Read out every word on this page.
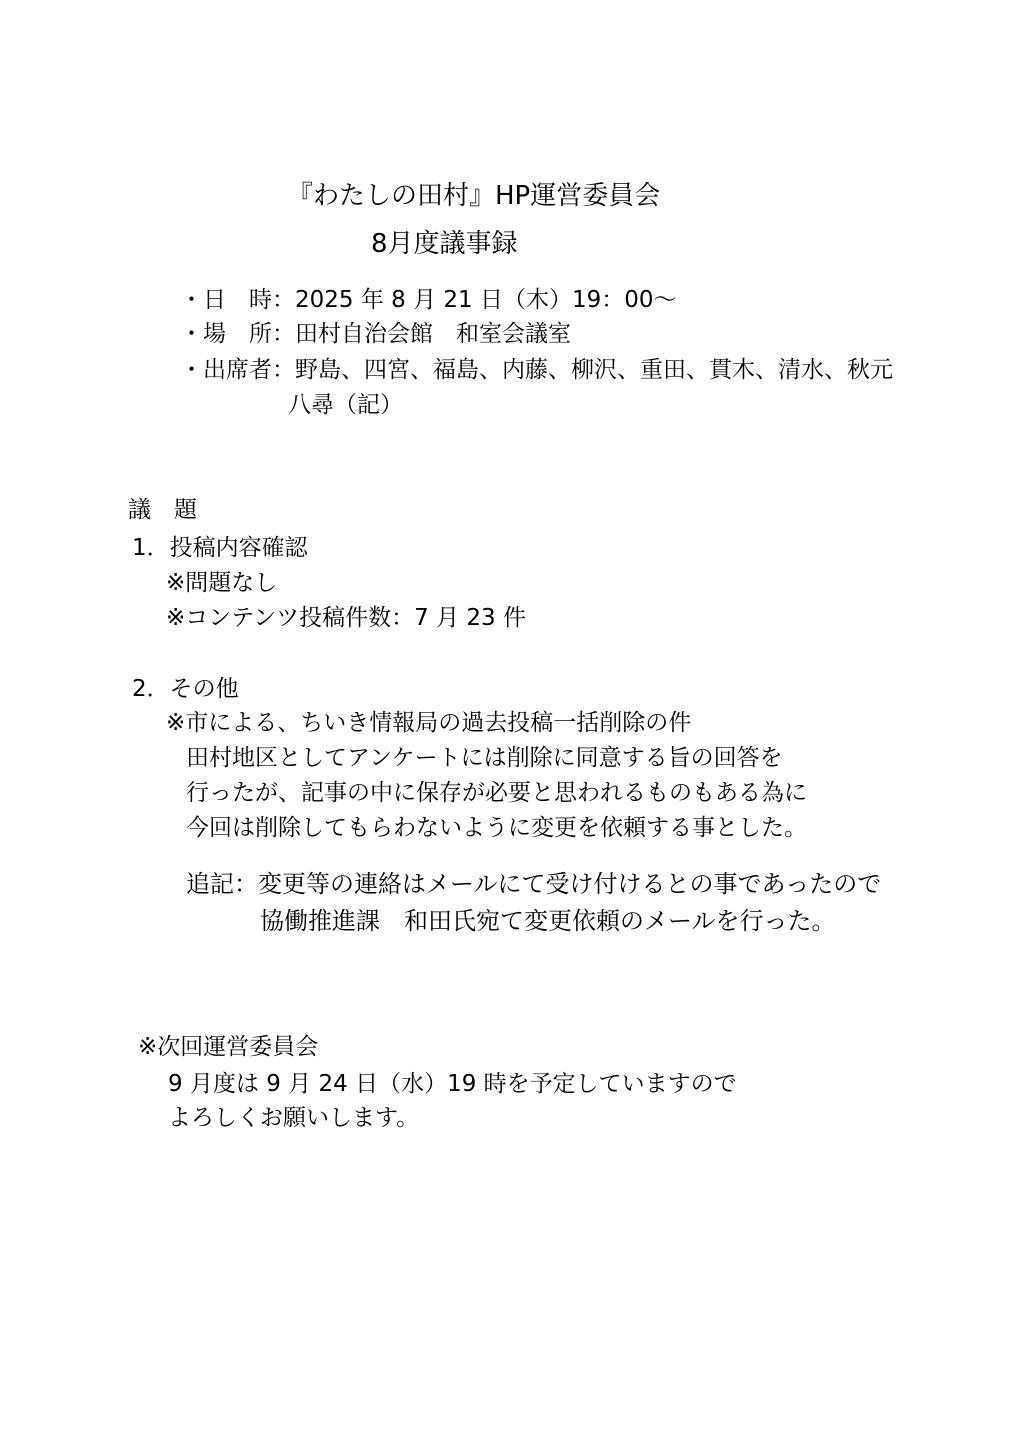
『わたしの田村』HP運営委員会
8月度議事録
・日　時：2025 年 8 月 21 日（木）19：00～
・場　所：田村自治会館　和室会議室
・出席者：野島、四宮、福島、内藤、柳沢、重田、貫木、清水、秋元
八尋（記）
議　題
1．投稿内容確認
※問題なし
※コンテンツ投稿件数：7 月 23 件
2．その他
※市による、ちいき情報局の過去投稿一括削除の件
田村地区としてアンケートには削除に同意する旨の回答を
行ったが、記事の中に保存が必要と思われるものもある為に
今回は削除してもらわないように変更を依頼する事とした。
追記：変更等の連絡はメールにて受け付けるとの事であったので
協働推進課　和田氏宛て変更依頼のメールを行った。
※次回運営委員会
9 月度は 9 月 24 日（水）19 時を予定していますので
よろしくお願いします。
